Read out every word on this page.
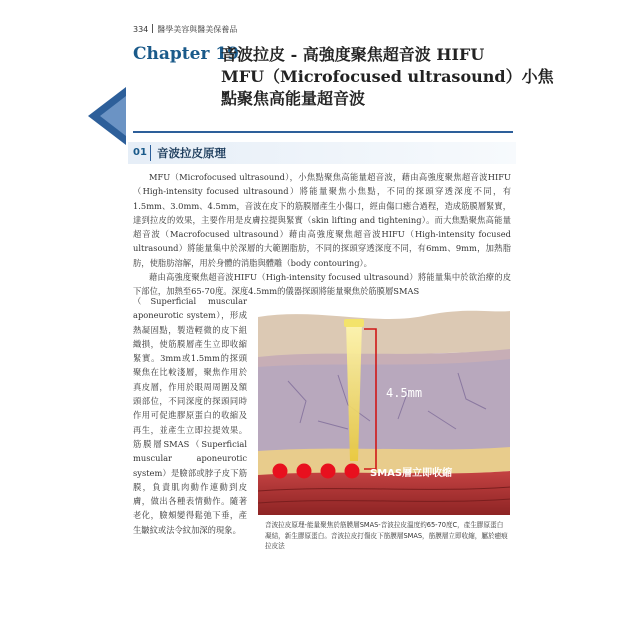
334 醫學美容與醫美保養品
Chapter 19
音波拉皮 - 高強度聚焦超音波 HIFU
MFU（Microfocused ultrasound）小焦
點聚焦高能量超音波
01 音波拉皮原理

MFU（Microfocused ultrasound），小焦點聚焦高能量超音波，藉由高強度聚焦超音波HIFU（High-intensity focused ultrasound）將能量聚焦小焦點，不同的探頭穿透深度不同，有1.5mm、3.0mm、4.5mm，音波在皮下的筋膜層產生小傷口，經由傷口癒合過程，造成筋膜層緊實，達到拉皮的效果，主要作用是皮膚拉提與緊實（skin lifting and tightening）。而大焦點聚焦高能量超音波（Macrofocused ultrasound）藉由高強度聚焦超音波HIFU（High-intensity focused ultrasound）將能量集中於深層的大範圍脂肪，不同的探頭穿透深度不同，有6mm、9mm，加熱脂肪，使脂肪溶解，用於身體的消脂與體雕（body contouring）。

藉由高強度聚焦超音波HIFU（High-intensity focused ultrasound）將能量集中於欲治療的皮下部位，加熱至65-70度。深度4.5mm的儀器探頭將能量聚焦於筋膜層SMAS

（Superficial muscular aponeurotic system），形成熱凝固點，製造輕微的皮下組織損，使筋膜層產生立即收縮緊實。3mm或1.5mm的探頭聚焦在比較淺層，聚焦作用於真皮層，作用於眼周周圍及額頭部位，不同深度的探頭同時作用可促進膠原蛋白的收縮及再生，並產生立即拉提效果。筋膜層SMAS（Superficial muscular aponeurotic system）是臉部或脖子皮下筋膜，負責肌肉動作連動到皮膚，做出各種表情動作。隨著老化，臉頰變得鬆弛下垂，產生皺紋或法令紋加深的現象。
4.5mm
SMAS層立即收縮
音波拉皮原理-能量聚焦於筋膜層SMAS-音波拉皮溫度約65-70度C，產生膠原蛋白凝結，新生膠原蛋白。音波拉皮打傷皮下筋膜層SMAS，筋膜層立即收縮，屬於癒痕拉皮法
